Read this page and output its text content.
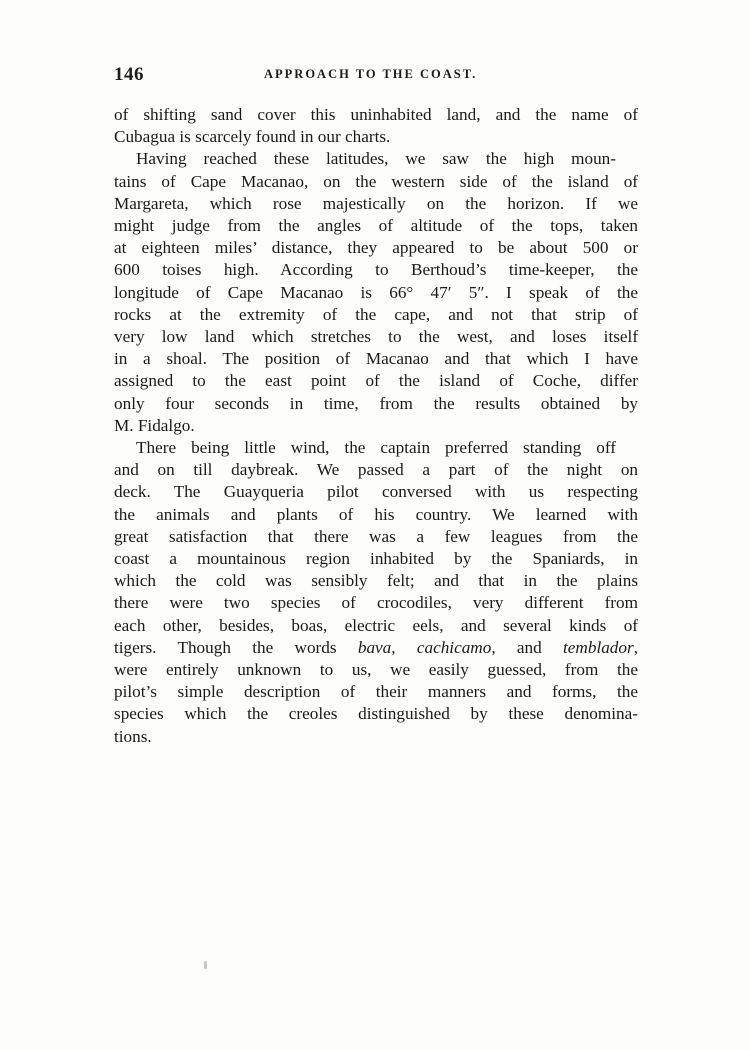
146	APPROACH TO THE COAST.

of shifting sand cover this uninhabited land, and the name of
Cubagua is scarcely found in our charts.

Having reached these latitudes, we saw the high moun-
tains of Cape Macanao, on the western side of the island of
Margareta, which rose majestically on the horizon. If we
might judge from the angles of altitude of the tops, taken
at eighteen miles’ distance, they appeared to be about 500 or
600 toises high. According to Berthoud’s time-keeper, the
longitude of Cape Macanao is 66° 47′ 5″. I speak of the
rocks at the extremity of the cape, and not that strip of
very low land which stretches to the west, and loses itself
in a shoal. The position of Macanao and that which I have
assigned to the east point of the island of Coche, differ
only four seconds in time, from the results obtained by
M. Fidalgo.

There being little wind, the captain preferred standing off
and on till daybreak. We passed a part of the night on
deck. The Guayqueria pilot conversed with us respecting
the animals and plants of his country. We learned with
great satisfaction that there was a few leagues from the
coast a mountainous region inhabited by the Spaniards, in
which the cold was sensibly felt; and that in the plains
there were two species of crocodiles, very different from
each other, besides, boas, electric eels, and several kinds of
tigers. Though the words bava, cachicamo, and temblador,
were entirely unknown to us, we easily guessed, from the
pilot’s simple description of their manners and forms, the
species which the creoles distinguished by these denomina-
tions.
